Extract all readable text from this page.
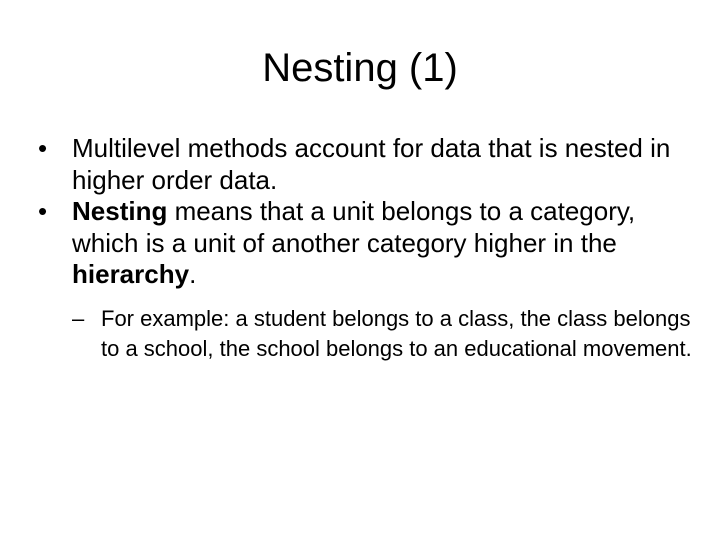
Nesting (1)
• Multilevel methods account for data that is nested in higher order data.
• Nesting means that a unit belongs to a category, which is a unit of another category higher in the hierarchy.
– For example: a student belongs to a class, the class belongs to a school, the school belongs to an educational movement.
